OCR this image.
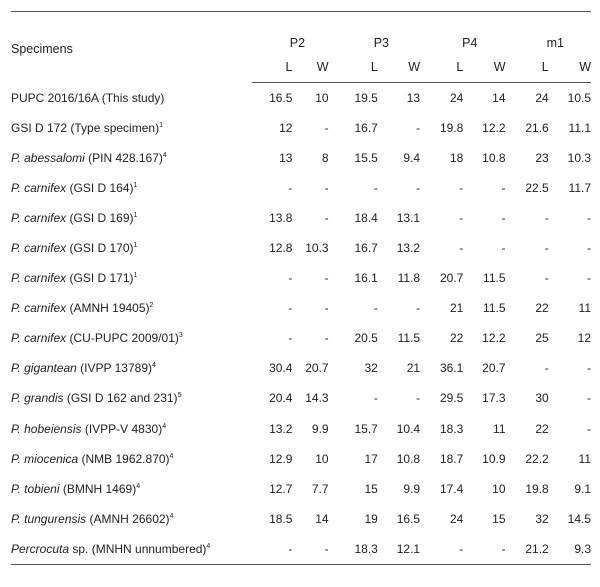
Specimens	P2		P3		P4		m1	
	L	W	L	W	L	W	L	W
PUPC 2016/16A (This study)	16.5	10	19.5	13	24	14	24	10.5
GSI D 172 (Type specimen)$^1$	12	-	16.7	-	19.8	12.2	21.6	11.1
P. abessalomi (PIN 428.167)$^4$	13	8	15.5	9.4	18	10.8	23	10.3
P. carnifex (GSI D 164)$^1$	-	-	-	-	-	-	22.5	11.7
P. carnifex (GSI D 169)$^1$	13.8	-	18.4	13.1	-	-	-	-
P. carnifex (GSI D 170)$^1$	12.8	10.3	16.7	13.2	-	-	-	-
P. carnifex (GSI D 171)$^1$	-	-	16.1	11.8	20.7	11.5	-	-
P. carnifex (AMNH 19405)$^2$	-	-	-	-	21	11.5	22	11
P. carnifex (CU-PUPC 2009/01)$^3$	-	-	20.5	11.5	22	12.2	25	12
P. gigantean (IVPP 13789)$^4$	30.4	20.7	32	21	36.1	20.7	-	-
P. grandis (GSI D 162 and 231)$^5$	20.4	14.3	-	-	29.5	17.3	30	-
P. hobeiensis (IVPP-V 4830)$^4$	13.2	9.9	15.7	10.4	18.3	11	22	-
P. miocenica (NMB 1962.870)$^4$	12.9	10	17	10.8	18.7	10.9	22.2	11
P. tobieni (BMNH 1469)$^4$	12.7	7.7	15	9.9	17.4	10	19.8	9.1
P. tungurensis (AMNH 26602)$^4$	18.5	14	19	16.5	24	15	32	14.5
Percrocuta sp. (MNHN unnumbered)$^4$	-	-	18.3	12.1	-	-	21.2	9.3
